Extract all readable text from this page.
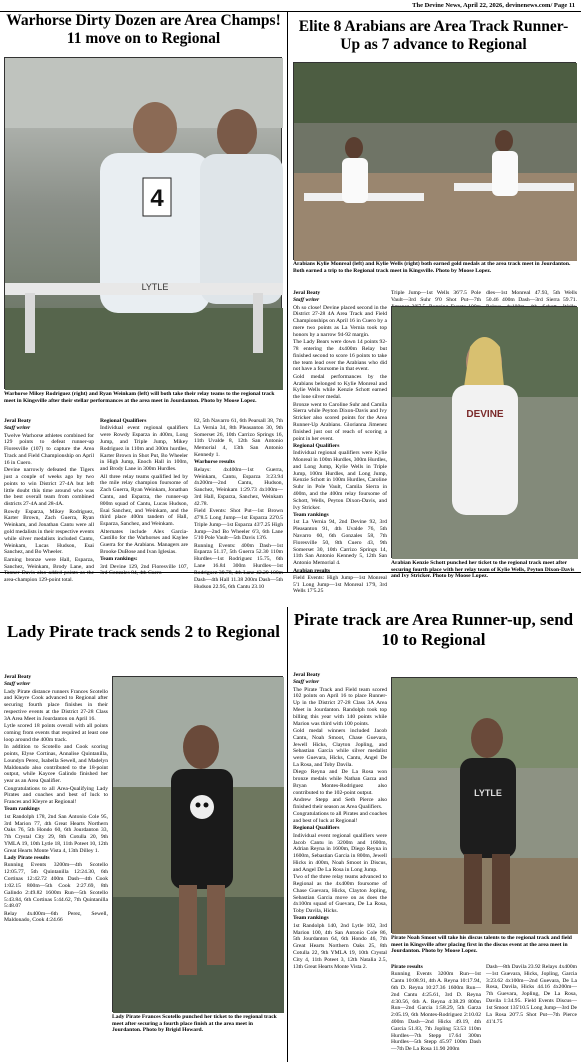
The Devine News, April 22, 2026, devinenews.com/ Page 11
Warhorse Dirty Dozen are Area Champs! 11 move on to Regional
4
LYTLE
Warhorse Mikey Rodriguez (right) and Ryan Weinkam (left) will both take their relay teams to the regional track meet in Kingsville after their stellar performances at the area meet in Jourdanton. Photo by Moose Lopez.

Jeral Beaty

Staff writer

Twelve Warhorse athletes combined for 129 points to defeat runner-up Floresville (107) to capture the Area Track and Field Championship on April 16 in Cuero.

Devine narrowly defeated the Tigers just a couple of weeks ago by two points to win District 27-4A but left little doubt this time around who was the best overall team from combined districts 27-4A and 28-4A.

Rowdy Esparza, Mikey Rodriguez, Karter Brown, Zach Guerra, Ryan Weinkam, and Jonathan Cantu were all gold medalists in their respective events while silver medalists included Cantu, Weinkam, Lucas Hudson, Esai Sanchez, and Bo Wheeler.

Earning bronze were Hall, Esparza, Sanchez, Weinkam, Brody Lane, and Tanner Davis also added points as the area-champion 129-point total.

Regional Qualifiers

Individual event regional qualifiers were Rowdy Esparza in 400m, Long Jump, and Triple Jump, Mikey Rodriguez in 110m and 300m hurdles, Karter Brown in Shot Put, Bo Wheeler in High Jump, Enoch Hall in 100m, and Brody Lane in 300m Hurdles.

All three relay teams qualified led by the mile relay champion foursome of Zach Guerra, Ryan Weinkam, Jonathan Cantu, and Esparza, the runner-up 800m squad of Cantu, Lucas Hudson, Esai Sanchez, and Weinkam, and the third place 400m tandem of Hall, Esparza, Sanchez, and Weinkam.

Alternates include Alex Garcia-Castillo for the Warhorses and Kaylee Guerra for the Arabians. Managers are Brooke DuBose and Ivan Iglesias.

Team rankings:

3rd Devine 129, 2nd Floresville 107, 3rd Gonzales 84, 4th Cuero

82, 5th Navarro 61, 6th Pearsall 38, 7th La Vernia 34, 8th Pleasanton 30, 9th Somerset 26, 10th Carrizo Springs 16, 11th Uvalde 8, 12th San Antonio Memorial 4, 13th San Antonio Kennedy 1.

Warhorse results

Relays: 4x400m—1st Guerra, Weinkam, Cantu, Esparza 3:23.94 4x200m—2nd Cantu, Hudson, Sanchez, Weinkam 1:29.73 4x100m—3rd Hall, Esparza, Sanchez, Weinkam 42.78.

Field Events: Shot Put—1st Brown 47'8.5 Long Jump—1st Esparza 22'0.5 Triple Jump—1st Esparza 43'7.25 High Jump—2nd Bo Wheeler 6'3, 6th Lane 5'10 Pole Vault—5th Davis 13'6.

Running Events: 400m Dash—1st Esparza 51.17, 5th Guerra 52.30 110m Hurdles—1st Rodriguez 15.75, 6th Lane 16.84 300m Hurdles—1st Rodriguez 39.78, 4th Lane 42.29 100m Dash—4th Hall 11.38 200m Dash—5th Hudson 22.95, 6th Cantu 23.10

Elite 8 Arabians are Area Track Runner-Up as 7 advance to Regional
Arabians Kylie Monreal (left) and Kylie Wells (right) both earned gold medals at the area track meet in Jourdanton. Both earned a trip to the Regional track meet in Kingsville. Photo by Moose Lopez.

Jeral Beaty

Staff writer

Oh so close! Devine placed second in the District 27-28 4A Area Track and Field Championships on April 16 in Cuero by a mere two points as La Vernia took top honors by a narrow 94-92 margin.

The Lady Bears were down 14 points 92-78 entering the 4x400m Relay but finished second to score 16 points to take the team lead over the Arabians who did not have a foursome in that event.

Gold medal performances by the Arabians belonged to Kylie Monreal and Kylie Wells while Kenzie Schott earned the lone silver medal.

Bronze went to Caroline Suhr and Camila Sierra while Peyton Dixon-Davis and Ivy Stricker also scored points for the Area Runner-Up Arabians. Glorianna Jimenez finished just out of reach of scoring a point in her event.

Regional Qualifiers

Individual regional qualifiers were Kylie Monreal in 100m Hurdles, 300m Hurdles, and Long Jump, Kylie Wells in Triple Jump, 100m Hurdles, and Long Jump, Kenzie Schott in 100m Hurdles, Caroline Suhr in Pole Vault, Camila Sierra in 400m, and the 400m relay foursome of Schott, Wells, Peyton Dixon-Davis, and Ivy Stricker.

Team rankings

1st La Vernia 94, 2nd Devine 92, 3rd Pleasanton 91, 4th Uvalde 76, 5th Navarro 60, 6th Gonzales 58, 7th Floresville 50, 8th Cuero 43, 9th Somerset 30, 10th Carrizo Springs 14, 11th San Antonio Kennedy 5, 12th San Antonio Memorial 4.

Arabian results

Field Events: High Jump—1st Monreal 5'1 Long Jump—1st Monreal 17'9, 3rd Wells 17'5.25

Triple Jump—1st Wells 36'7.5 Pole Vault—3rd Suhr 9'0 Shot Put—7th

dles—1st Monreal 47.93, 5th Wells 50.46 400m Dash—3rd Sierra 59.71.

DEVINE
Arabian Kenzie Schott punched her ticket to the regional track meet after securing fourth place with her relay team of Kylie Wells, Peyton Dixon-Davis and Ivy Stricker. Photo by Moose Lopez.
Lady Pirate track sends 2 to Regional

Jeral Beaty

Staff writer

Lady Pirate distance runners Frances Scotello and Kleyre Cook advanced to Regional after securing fourth place finishes in their respective events at the District 27-28 Class 3A Area Meet in Jourdanton on April 16.

Lytle scored 18 points overall with all points coming from events that required at least one loop around the 400m track.

In addition to Scotello and Cook scoring points, Elyse Cortinas, Annalise Quintanilla, Loundyn Perez, Isabella Sewell, and Madelyn Maldonado also contributed to the 18-point output, while Kaycee Galindo finished her year as an Area Qualifier.

Congratulations to all Area-Qualifying Lady Pirates and coaches and best of luck to Frances and Kleyre at Regional!

Team rankings

1st Randolph 178, 2nd San Antonio Cole 95, 3rd Marion 77, 4th Great Hearts Northern Oaks 76, 5th Hondo 60, 6th Jourdanton 33, 7th Crystal City 29, 8th Cotulla 20, 9th YMLA 19, 10th Lytle 18, 11th Poteet 10, 12th Great Hearts Monte Vista 4, 13th Dilley 1.

Lady Pirate results

Running Events 3200m—4th Scotello 12:05.77, 5th Quintanilla 12:24.30, 6th Cortinas 12:42.72 400m Dash—4th Cook 1:02.15 800m—5th Cook 2:27.69, 8th Galindo 2:49.82 1600m Run—5th Scotello 5:43.84, 6th Cortinas 5:44.62, 7th Quintanilla 5:48.07

Relay 4x400m—6th Perez, Sewell, Maldonado, Cook 4:24.66

Lady Pirate Frances Scotello punched her ticket to the regional track meet after securing a fourth place finish at the area meet in Jourdanton. Photo by Brigid Howard.
Pirate track are Area Runner-up, send 10 to Regional

Jeral Beaty

Staff writer

The Pirate Track and Field team scored 102 points on April 16 to place Runner-Up in the District 27-28 Class 3A Area Meet in Jourdanton. Randolph took top billing this year with 140 points while Marion was third with 100 points.

Gold medal winners included Jacob Cantu, Noah Smoot, Chase Guevara, Jewell Hicks, Clayton Jopling, and Sebastian Garcia while silver medalist were Guevara, Hicks, Cantu, Angel De La Rosa, and Toby Davila.

Diego Reyna and De La Rosa won bronze medals while Nathan Garza and Bryan Montes-Rodriguez also contributed to the 102-point output.

Andrew Stepp and Seth Pierce also finished their season as Area Qualifiers.

Congratulations to all Pirates and coaches and best of luck at Regional!

Regional Qualifiers

Individual event regional qualifiers were Jacob Cantu in 3200m and 1600m, Adrian Reyna in 1600m, Diego Reyna in 1600m, Sebastian Garcia in 800m, Jewell Hicks in 400m, Noah Smoot in Discus, and Angel De La Rosa in Long Jump.

Two of the three relay teams advanced to Regional as the 4x400m foursome of Chase Guevara, Hicks, Clayton Jopling, Sebastian Garcia move on as does the 4x100m squad of Guevara, De La Rosa, Toby Davila, Hicks.

Team rankings

1st Randolph 140, 2nd Lytle 102, 3rd Marion 100, 4th San Antonio Cole 86, 5th Jourdanton 64, 6th Hondo 46, 7th Great Hearts Northern Oaks 25, 8th Cotulla 22, 9th YMLA 19, 10th Crystal City 4, 11th Poteet 3, 12th Natalia 2.5, 13th Great Hearts Monte Vista 2.

LYTLE
Pirate Noah Smoot will take his discus talents to the regional track and field meet in Kingsville after placing first in the discus event at the area meet in Jourdanton. Photo by Moose Lopez.

Pirate results

Running Events 3200m Run—1st Cantu 10:08.91, 4th A. Reyna 10:17.94, 6th D. Reyna 10:27.36 1600m Run—2nd Cantu 4:25.61, 3rd D. Reyna 4:30.56, 6th A. Reyna 4:38.29 800m Run—2nd Garcia 1:58.29, 5th Garza 2:05.19, 6th Montes-Rodriguez 2:10.02 400m Dash—2nd Hicks 49.19, 4th Garcia 51.83, 7th Jopling 53.53 110m Hurdles—7th Stepp 17.64 300m Hurdles—5th Stepp 45.97 100m Dash—7th De La Rosa 11.90 200m

Dash—8th Davila 23.92 Relays 4x400m—1st Guevara, Hicks, Jopling, Garcia 3:23.62 4x100m—2nd Guevara, De La Rosa, Davila, Hicks 44.16 4x200m—7th Guevara, Jopling, De La Rosa, Davila 1:34.95. Field Events Discus—1st Smoot 135'10.5 Long Jump—3rd De La Rosa 20'7.5 Shot Put—7th Pierce 41'4.75
